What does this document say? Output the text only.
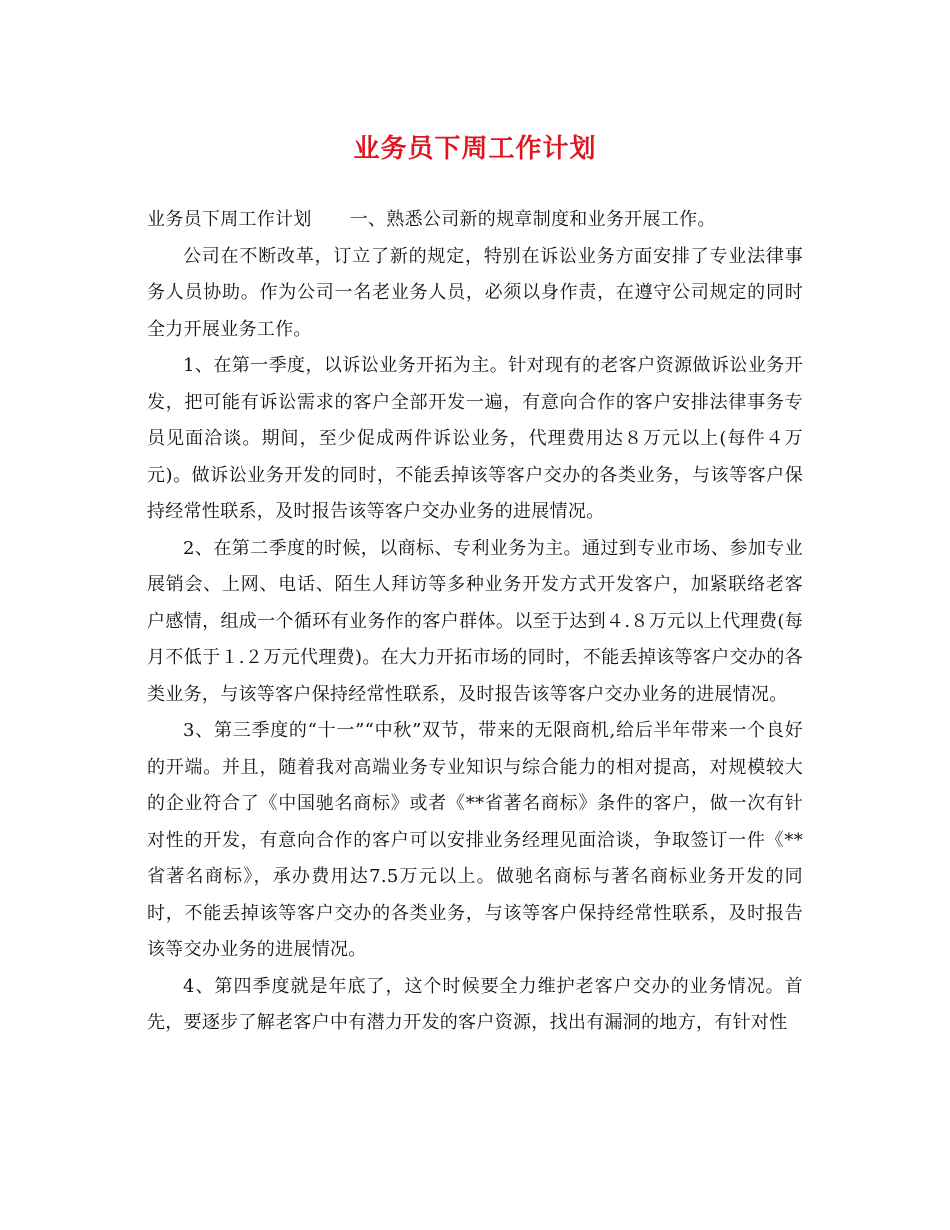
业务员下周工作计划

业务员下周工作计划 一、熟悉公司新的规章制度和业务开展工作。

公司在不断改革，订立了新的规定，特别在诉讼业务方面安排了专业法律事务人员协助。作为公司一名老业务人员，必须以身作责，在遵守公司规定的同时全力开展业务工作。

1、在第一季度，以诉讼业务开拓为主。针对现有的老客户资源做诉讼业务开发，把可能有诉讼需求的客户全部开发一遍，有意向合作的客户安排法律事务专员见面洽谈。期间，至少促成两件诉讼业务，代理费用达８万元以上(每件４万元)。做诉讼业务开发的同时，不能丢掉该等客户交办的各类业务，与该等客户保持经常性联系，及时报告该等客户交办业务的进展情况。

2、在第二季度的时候，以商标、专利业务为主。通过到专业市场、参加专业展销会、上网、电话、陌生人拜访等多种业务开发方式开发客户，加紧联络老客户感情，组成一个循环有业务作的客户群体。以至于达到４.８万元以上代理费(每月不低于１.２万元代理费)。在大力开拓市场的同时，不能丢掉该等客户交办的各类业务，与该等客户保持经常性联系，及时报告该等客户交办业务的进展情况。

3、第三季度的“十一”“中秋”双节，带来的无限商机,给后半年带来一个良好的开端。并且，随着我对高端业务专业知识与综合能力的相对提高，对规模较大的企业符合了《中国驰名商标》或者《**省著名商标》条件的客户，做一次有针对性的开发，有意向合作的客户可以安排业务经理见面洽谈，争取签订一件《**省著名商标》，承办费用达7.5万元以上。做驰名商标与著名商标业务开发的同时，不能丢掉该等客户交办的各类业务，与该等客户保持经常性联系，及时报告该等交办业务的进展情况。

4、第四季度就是年底了，这个时候要全力维护老客户交办的业务情况。首先，要逐步了解老客户中有潜力开发的客户资源，找出有漏洞的地方，有针对性
